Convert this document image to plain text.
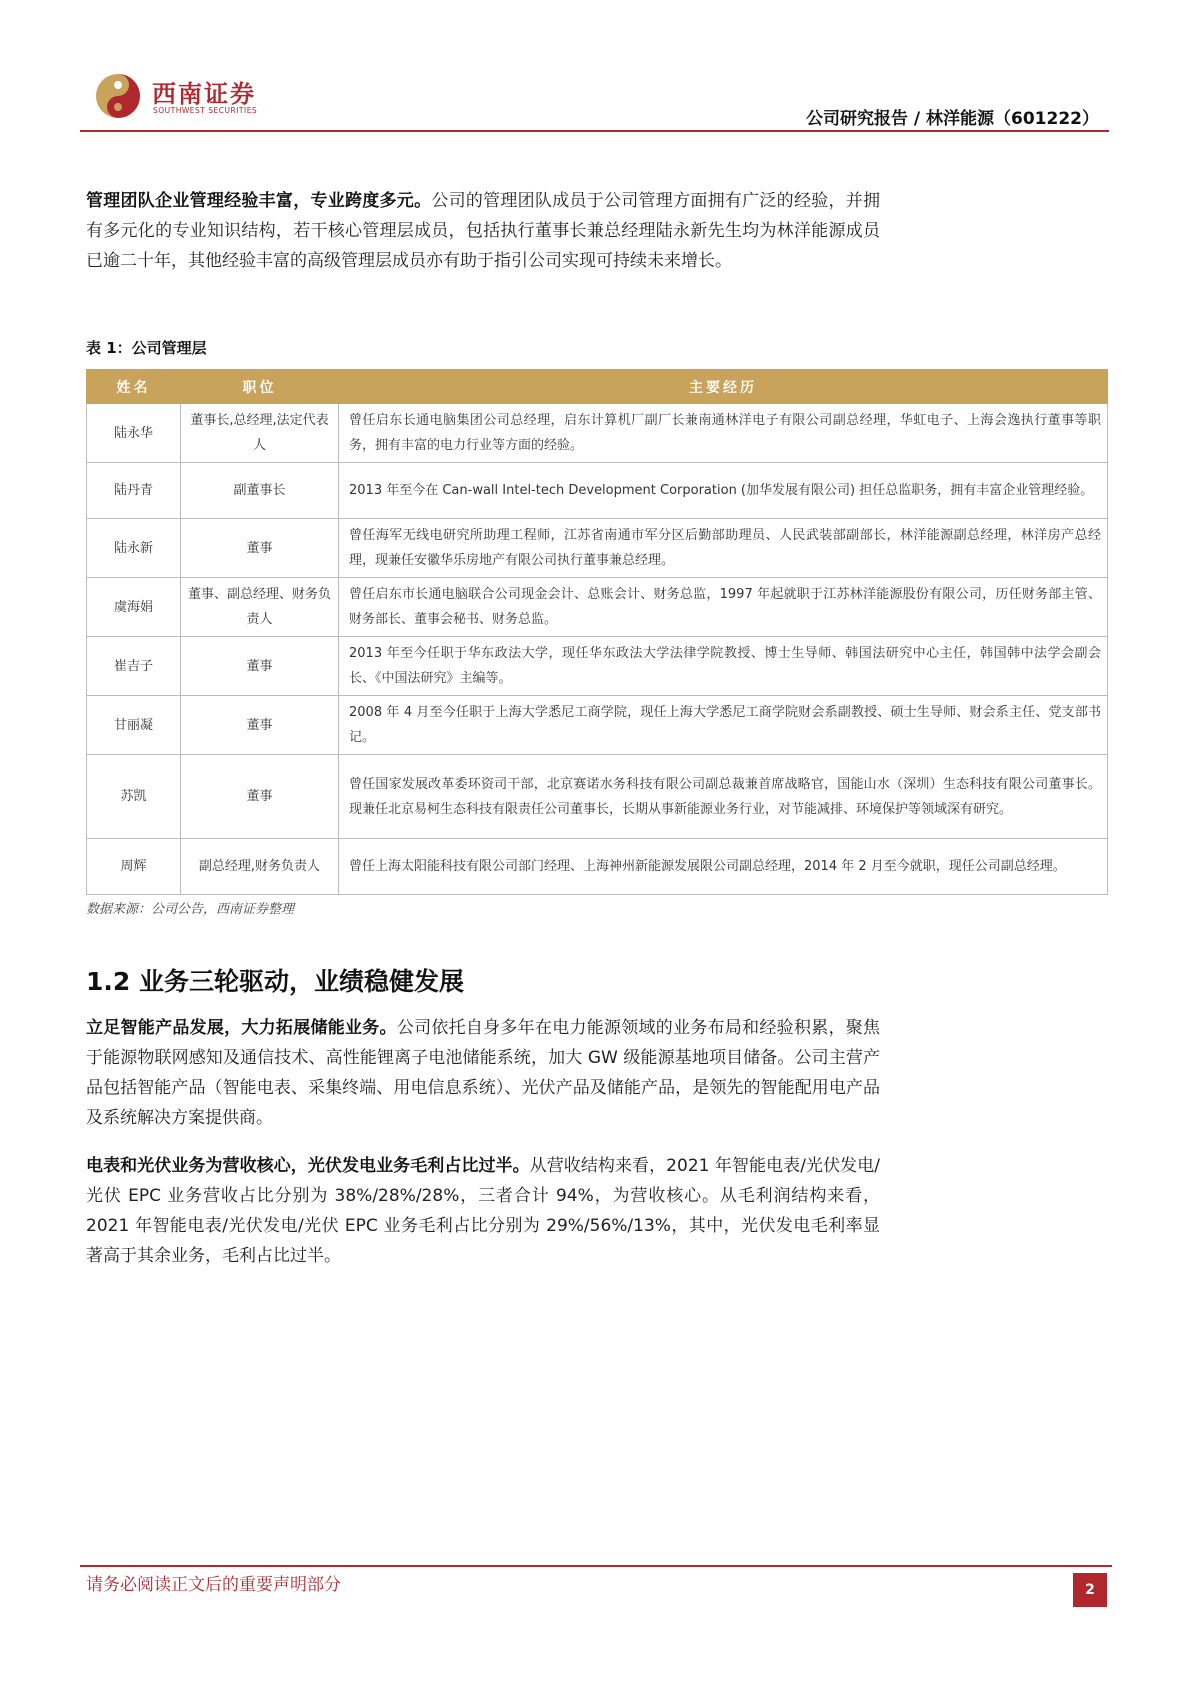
西南证券
SOUTHWEST SECURITIES	公司研究报告 / 林洋能源（601222）

管理团队企业管理经验丰富，专业跨度多元。公司的管理团队成员于公司管理方面拥有广泛的经验，并拥有多元化的专业知识结构，若干核心管理层成员，包括执行董事长兼总经理陆永新先生均为林洋能源成员已逾二十年，其他经验丰富的高级管理层成员亦有助于指引公司实现可持续未来增长。

表 1：公司管理层
姓名	职位	主要经历
陆永华	董事长,总经理,法定代表人	曾任启东长通电脑集团公司总经理，启东计算机厂副厂长兼南通林洋电子有限公司副总经理，华虹电子、上海会逸执行董事等职务，拥有丰富的电力行业等方面的经验。
陆丹青	副董事长	2013 年至今在 Can-wall Intel-tech Development Corporation (加华发展有限公司) 担任总监职务，拥有丰富企业管理经验。
陆永新	董事	曾任海军无线电研究所助理工程师，江苏省南通市军分区后勤部助理员、人民武装部副部长，林洋能源副总经理，林洋房产总经理，现兼任安徽华乐房地产有限公司执行董事兼总经理。
虞海娟	董事、副总经理、财务负责人	曾任启东市长通电脑联合公司现金会计、总账会计、财务总监，1997 年起就职于江苏林洋能源股份有限公司，历任财务部主管、财务部长、董事会秘书、财务总监。
崔吉子	董事	2013 年至今任职于华东政法大学，现任华东政法大学法律学院教授、博士生导师、韩国法研究中心主任，韩国韩中法学会副会长、《中国法研究》主编等。
甘丽凝	董事	2008 年 4 月至今任职于上海大学悉尼工商学院，现任上海大学悉尼工商学院财会系副教授、硕士生导师、财会系主任、党支部书记。
苏凯	董事	曾任国家发展改革委环资司干部，北京赛诺水务科技有限公司副总裁兼首席战略官，国能山水（深圳）生态科技有限公司董事长。现兼任北京易柯生态科技有限责任公司董事长，长期从事新能源业务行业，对节能减排、环境保护等领域深有研究。
周辉	副总经理,财务负责人	曾任上海太阳能科技有限公司部门经理、上海神州新能源发展限公司副总经理，2014 年 2 月至今就职，现任公司副总经理。
数据来源：公司公告，西南证券整理
1.2 业务三轮驱动，业绩稳健发展

立足智能产品发展，大力拓展储能业务。公司依托自身多年在电力能源领域的业务布局和经验积累，聚焦于能源物联网感知及通信技术、高性能锂离子电池储能系统，加大 GW 级能源基地项目储备。公司主营产品包括智能产品（智能电表、采集终端、用电信息系统）、光伏产品及储能产品，是领先的智能配用电产品及系统解决方案提供商。

电表和光伏业务为营收核心，光伏发电业务毛利占比过半。从营收结构来看，2021 年智能电表/光伏发电/光伏 EPC 业务营收占比分别为 38%/28%/28%，三者合计 94%，为营收核心。从毛利润结构来看，2021 年智能电表/光伏发电/光伏 EPC 业务毛利占比分别为 29%/56%/13%，其中，光伏发电毛利率显著高于其余业务，毛利占比过半。

请务必阅读正文后的重要声明部分	2
